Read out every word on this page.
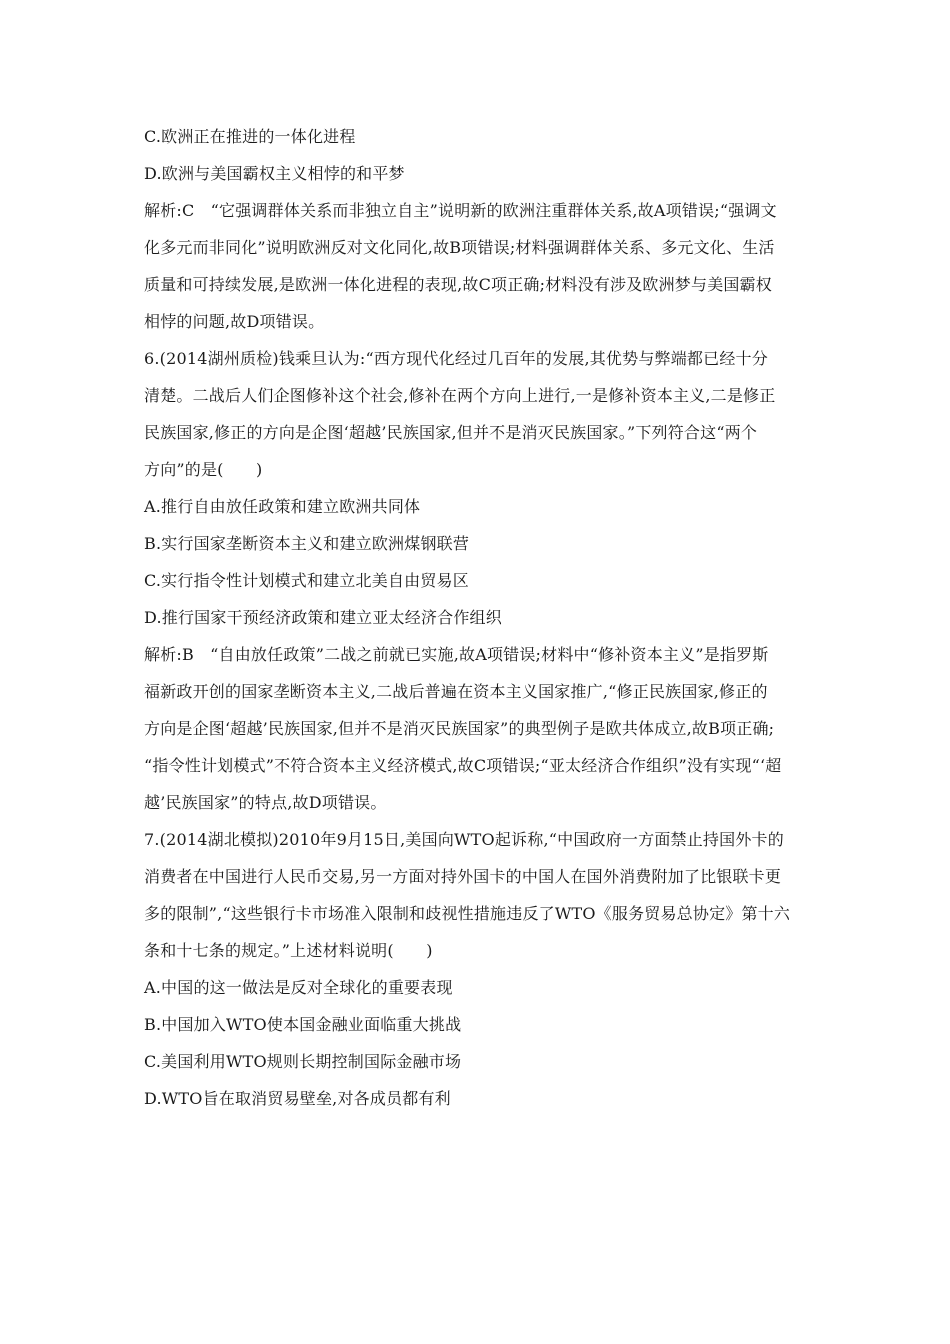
C.欧洲正在推进的一体化进程
D.欧洲与美国霸权主义相悖的和平梦
解析:C　“它强调群体关系而非独立自主”说明新的欧洲注重群体关系,故A项错误;“强调文
化多元而非同化”说明欧洲反对文化同化,故B项错误;材料强调群体关系、多元文化、生活
质量和可持续发展,是欧洲一体化进程的表现,故C项正确;材料没有涉及欧洲梦与美国霸权
相悖的问题,故D项错误。
6.(2014湖州质检)钱乘旦认为:“西方现代化经过几百年的发展,其优势与弊端都已经十分
清楚。二战后人们企图修补这个社会,修补在两个方向上进行,一是修补资本主义,二是修正
民族国家,修正的方向是企图‘超越’民族国家,但并不是消灭民族国家。”下列符合这“两个
方向”的是(　　)
A.推行自由放任政策和建立欧洲共同体
B.实行国家垄断资本主义和建立欧洲煤钢联营
C.实行指令性计划模式和建立北美自由贸易区
D.推行国家干预经济政策和建立亚太经济合作组织
解析:B　“自由放任政策”二战之前就已实施,故A项错误;材料中“修补资本主义”是指罗斯
福新政开创的国家垄断资本主义,二战后普遍在资本主义国家推广,“修正民族国家,修正的
方向是企图‘超越’民族国家,但并不是消灭民族国家”的典型例子是欧共体成立,故B项正确;
“指令性计划模式”不符合资本主义经济模式,故C项错误;“亚太经济合作组织”没有实现“‘超
越’民族国家”的特点,故D项错误。
7.(2014湖北模拟)2010年9月15日,美国向WTO起诉称,“中国政府一方面禁止持国外卡的
消费者在中国进行人民币交易,另一方面对持外国卡的中国人在国外消费附加了比银联卡更
多的限制”,“这些银行卡市场准入限制和歧视性措施违反了WTO《服务贸易总协定》第十六
条和十七条的规定。”上述材料说明(　　)
A.中国的这一做法是反对全球化的重要表现
B.中国加入WTO使本国金融业面临重大挑战
C.美国利用WTO规则长期控制国际金融市场
D.WTO旨在取消贸易壁垒,对各成员都有利
